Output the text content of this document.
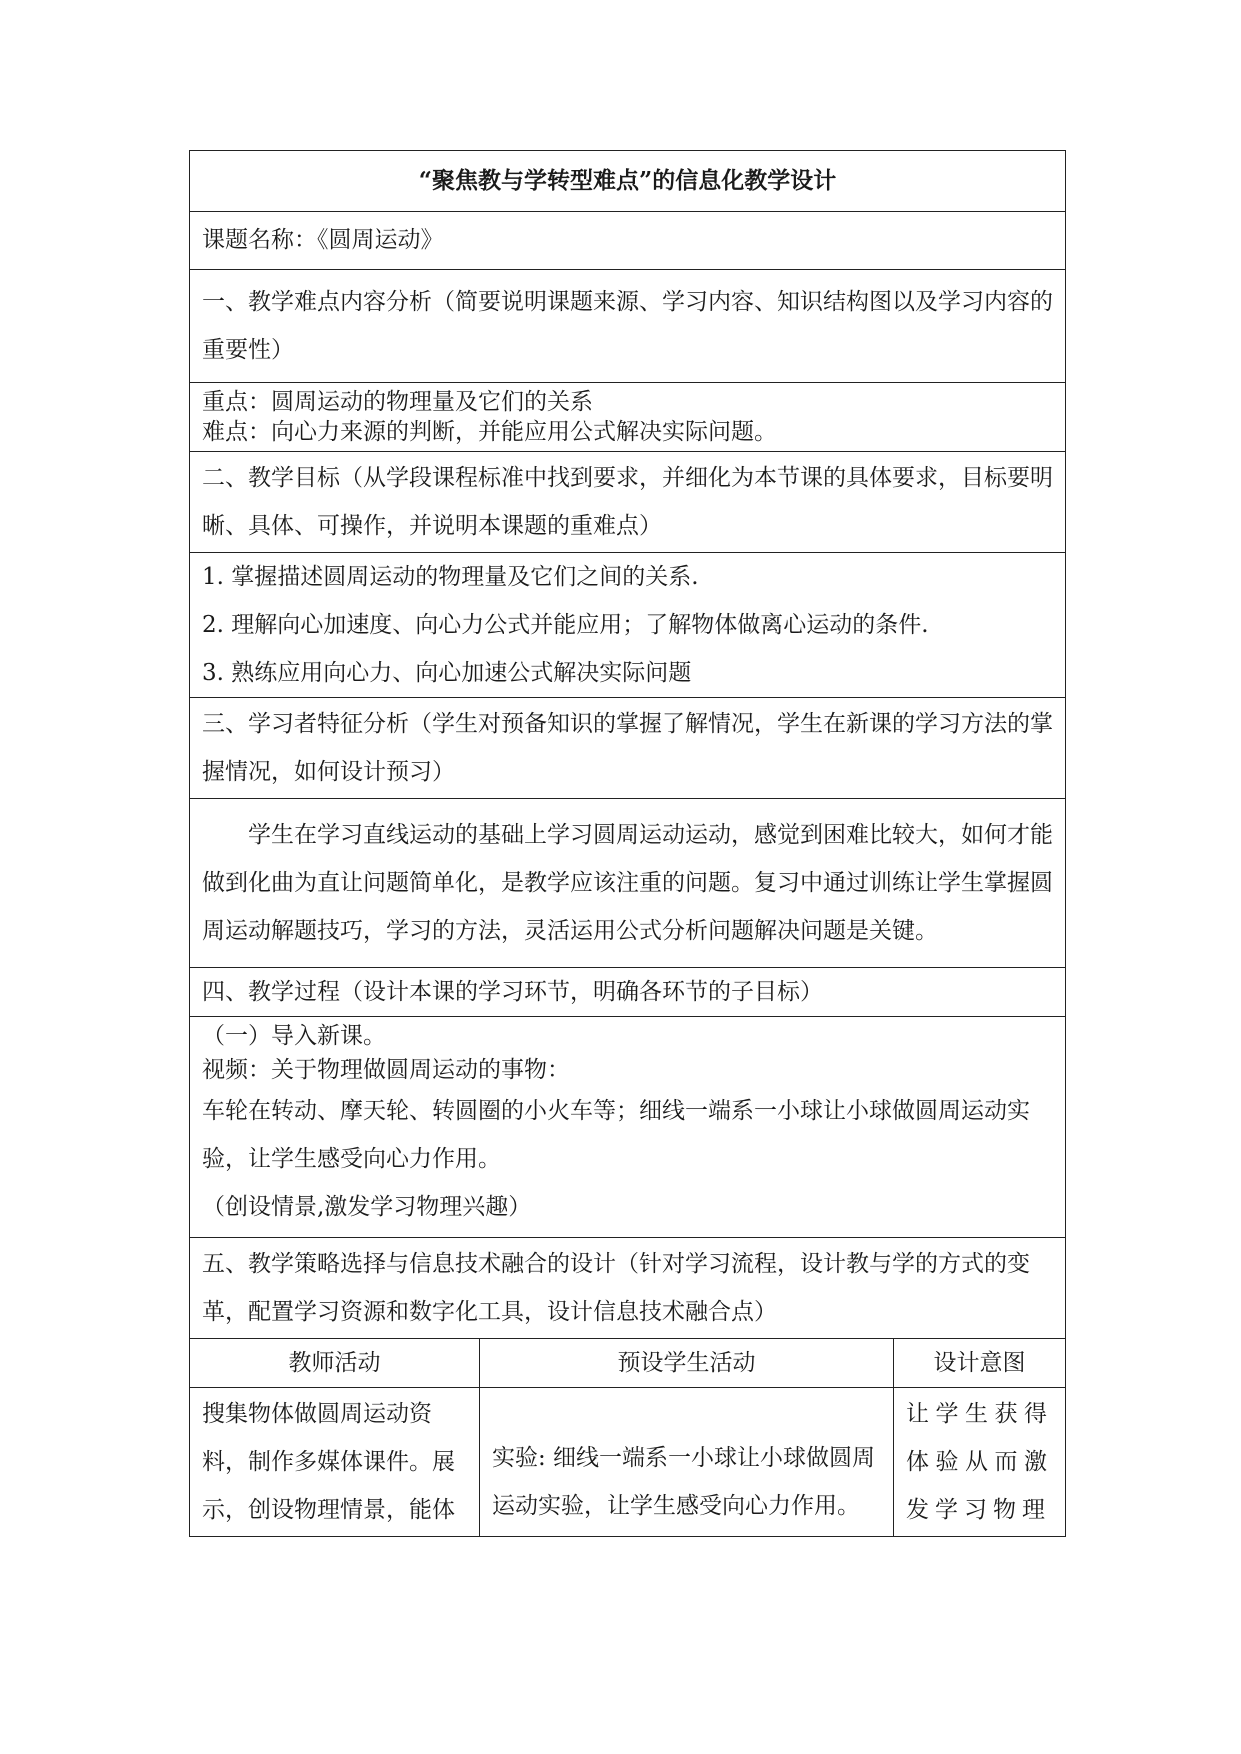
“聚焦教与学转型难点”的信息化教学设计		
课题名称：《圆周运动》		
一、教学难点内容分析（简要说明课题来源、学习内容、知识结构图以及学习内容的重要性）		

重点：圆周运动的物理量及它们的关系

难点：向心力来源的判断，并能应用公式解决实际问题。		

二、教学目标（从学段课程标准中找到要求，并细化为本节课的具体要求，目标要明晰、具体、可操作，并说明本课题的重难点）		

1. 掌握描述圆周运动的物理量及它们之间的关系.

2. 理解向心加速度、向心力公式并能应用；了解物体做离心运动的条件.

3. 熟练应用向心力、向心加速公式解决实际问题		

三、学习者特征分析（学生对预备知识的掌握了解情况，学生在新课的学习方法的掌握情况，如何设计预习）		

学生在学习直线运动的基础上学习圆周运动运动，感觉到困难比较大，如何才能做到化曲为直让问题简单化，是教学应该注重的问题。复习中通过训练让学生掌握圆周运动解题技巧，学习的方法，灵活运用公式分析问题解决问题是关键。		

四、教学过程（设计本课的学习环节，明确各环节的子目标）		

（一）导入新课。

视频：关于物理做圆周运动的事物：

车轮在转动、摩天轮、转圆圈的小火车等；细线一端系一小球让小球做圆周运动实验，让学生感受向心力作用。

（创设情景,激发学习物理兴趣）		

五、教学策略选择与信息技术融合的设计（针对学习流程，设计教与学的方式的变革，配置学习资源和数字化工具，设计信息技术融合点）		
教师活动	预设学生活动	设计意图
搜集物体做圆周运动资料，制作多媒体课件。展示，创设物理情景，能体	实验: 细线一端系一小球让小球做圆周运动实验，让学生感受向心力作用。	让学生获得体验从而激发学习物理
